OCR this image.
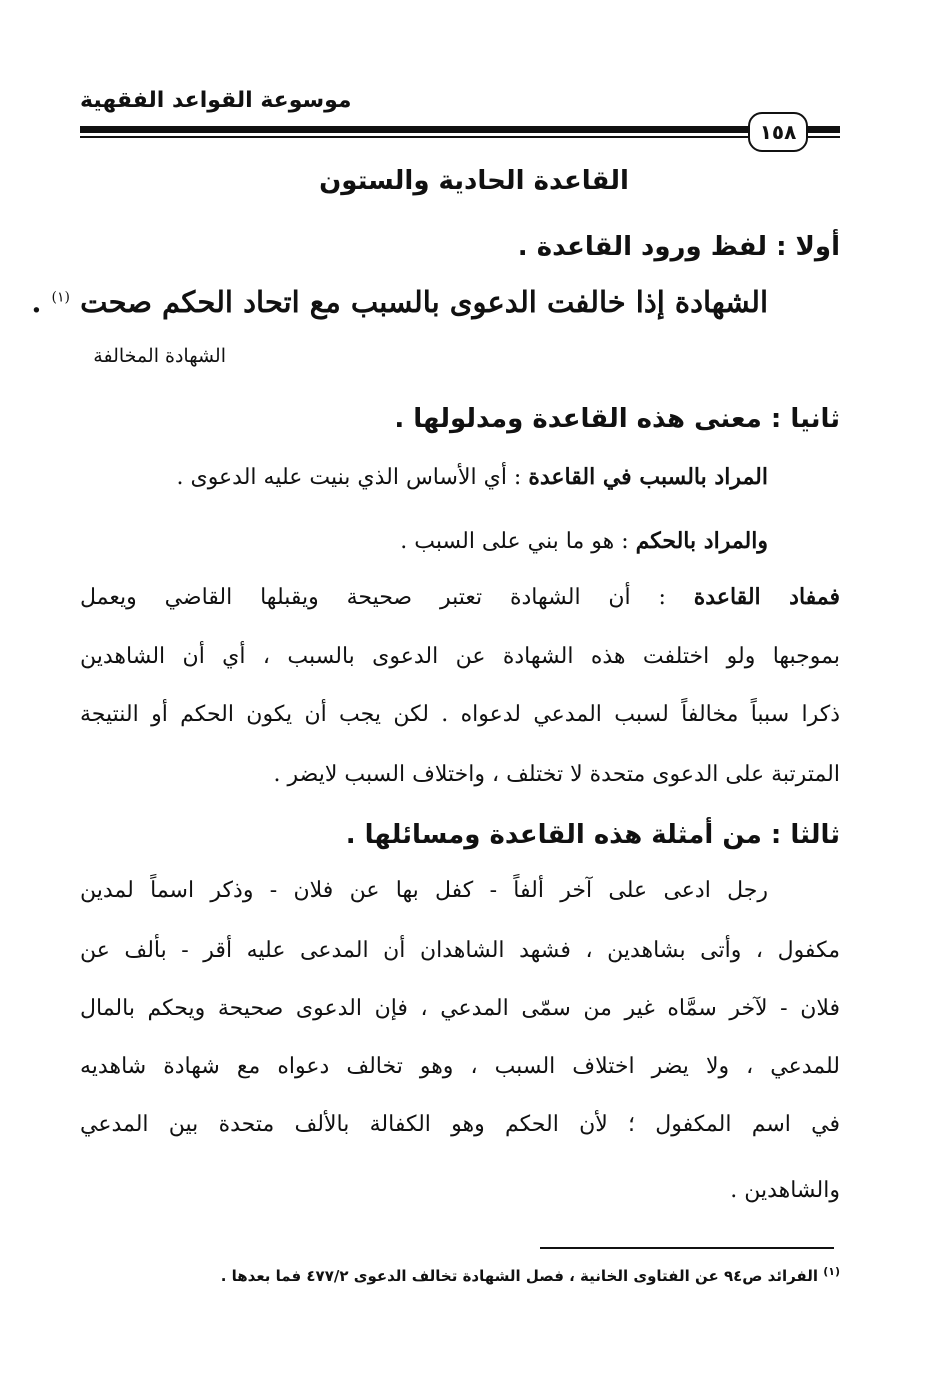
موسوعة القواعد الفقهية
١٥٨
القاعدة الحادية والستون
أولا : لفظ ورود القاعدة .
الشهادة إذا خالفت الدعوى بالسبب مع اتحاد الحكم صحت $^{(١)}$ .
الشهادة المخالفة
ثانيا : معنى هذه القاعدة ومدلولها .
المراد بالسبب في القاعدة : أي الأساس الذي بنيت عليه الدعوى .
والمراد بالحكم : هو ما بني على السبب .
فمفاد القاعدة : أن الشهادة تعتبر صحيحة ويقبلها القاضي ويعمل
بموجبها ولو اختلفت هذه الشهادة عن الدعوى بالسبب ، أي أن الشاهدين
ذكرا سبباً مخالفاً لسبب المدعي لدعواه . لكن يجب أن يكون الحكم أو النتيجة
المترتبة على الدعوى متحدة لا تختلف ، واختلاف السبب لايضر .
ثالثا : من أمثلة هذه القاعدة ومسائلها .
رجل ادعى على آخر ألفاً - كفل بها عن فلان - وذكر اسماً لمدين
مكفول ، وأتى بشاهدين ، فشهد الشاهدان أن المدعى عليه أقر - بألف عن
فلان - لآخر سمَّاه غير من سمّى المدعي ، فإن الدعوى صحيحة ويحكم بالمال
للمدعي ، ولا يضر اختلاف السبب ، وهو تخالف دعواه مع شهادة شاهديه
في اسم المكفول ؛ لأن الحكم وهو الكفالة بالألف متحدة بين المدعي
والشاهدين .
$^{(١)}$ الفرائد ص٩٤ عن الفتاوى الخانية ، فصل الشهادة تخالف الدعوى ٤٧٧/٢ فما بعدها .
